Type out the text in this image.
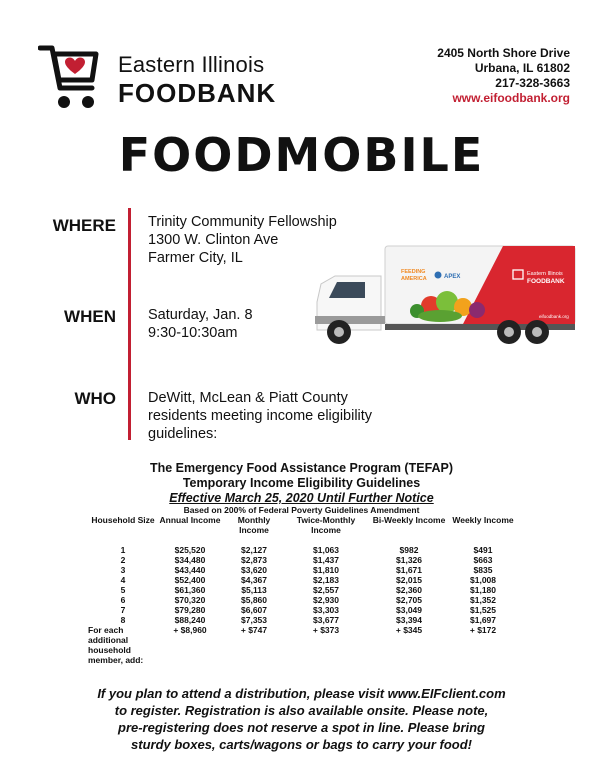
Eastern Illinois
FOODBANK
2405 North Shore Drive
Urbana, IL 61802
217-328-3663
www.eifoodbank.org
FOODMOBILE
WHERE Trinity Community Fellowship
1300 W. Clinton Ave
Farmer City, IL
WHEN Saturday, Jan. 8
9:30-10:30am
WHO DeWitt, McLean & Piatt County
residents meeting income eligibility
guidelines:
FEEDING
AMERICA	APEX	Eastern Illinois
FOODBANK
eifoodbank.org
The Emergency Food Assistance Program (TEFAP)
Temporary Income Eligibility Guidelines
Effective March 25, 2020 Until Further Notice
Based on 200% of Federal Poverty Guidelines Amendment
Household Size	Annual Income	Monthly Income	Twice-Monthly Income	Bi-Weekly Income	Weekly Income

1	$25,520	$2,127	$1,063	$982	$491
2	$34,480	$2,873	$1,437	$1,326	$663
3	$43,440	$3,620	$1,810	$1,671	$835
4	$52,400	$4,367	$2,183	$2,015	$1,008
5	$61,360	$5,113	$2,557	$2,360	$1,180
6	$70,320	$5,860	$2,930	$2,705	$1,352
7	$79,280	$6,607	$3,303	$3,049	$1,525
8	$88,240	$7,353	$3,677	$3,394	$1,697
For each additional household member, add:	+ $8,960	+ $747	+ $373	+ $345	+ $172
If you plan to attend a distribution, please visit www.EIFclient.com
to register. Registration is also available onsite. Please note,
pre-registering does not reserve a spot in line. Please bring
sturdy boxes, carts/wagons or bags to carry your food!
